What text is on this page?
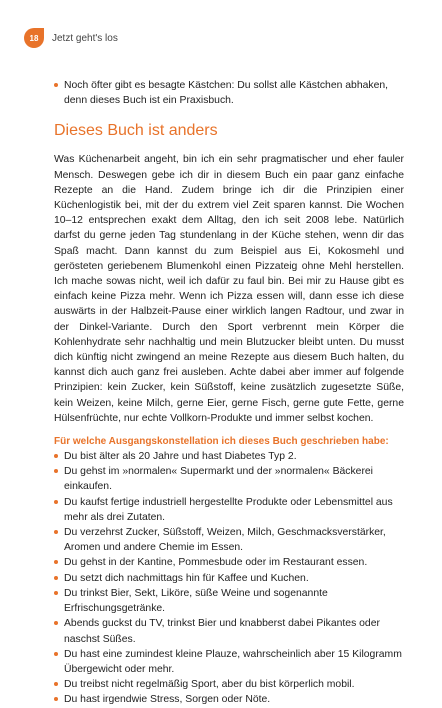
18	Jetzt geht's los
Noch öfter gibt es besagte Kästchen: Du sollst alle Kästchen abhaken, denn dieses Buch ist ein Praxisbuch.
Dieses Buch ist anders

Was Küchenarbeit angeht, bin ich ein sehr pragmatischer und eher fauler Mensch. Deswegen gebe ich dir in diesem Buch ein paar ganz einfache Rezepte an die Hand. Zudem bringe ich dir die Prinzipien einer Küchenlogistik bei, mit der du extrem viel Zeit sparen kannst. Die Wochen 10–12 entsprechen exakt dem Alltag, den ich seit 2008 lebe. Natürlich darfst du gerne jeden Tag stundenlang in der Küche stehen, wenn dir das Spaß macht. Dann kannst du zum Beispiel aus Ei, Kokosmehl und gerösteten geriebenem Blumenkohl einen Pizzateig ohne Mehl herstellen. Ich mache sowas nicht, weil ich dafür zu faul bin. Bei mir zu Hause gibt es einfach keine Pizza mehr. Wenn ich Pizza essen will, dann esse ich diese auswärts in der Halbzeit-Pause einer wirklich langen Radtour, und zwar in der Dinkel-Variante. Durch den Sport verbrennt mein Körper die Kohlenhydrate sehr nachhaltig und mein Blutzucker bleibt unten. Du musst dich künftig nicht zwingend an meine Rezepte aus diesem Buch halten, du kannst dich auch ganz frei ausleben. Achte dabei aber immer auf folgende Prinzipien: kein Zucker, kein Süßstoff, keine zusätzlich zugesetzte Süße, kein Weizen, keine Milch, gerne Eier, gerne Fisch, gerne gute Fette, gerne Hülsenfrüchte, nur echte Vollkorn-Produkte und immer selbst kochen.

Für welche Ausgangskonstellation ich dieses Buch geschrieben habe:
Du bist älter als 20 Jahre und hast Diabetes Typ 2.
Du gehst im »normalen« Supermarkt und der »normalen« Bäckerei einkaufen.
Du kaufst fertige industriell hergestellte Produkte oder Lebensmittel aus mehr als drei Zutaten.
Du verzehrst Zucker, Süßstoff, Weizen, Milch, Geschmacksverstärker, Aromen und andere Chemie im Essen.
Du gehst in der Kantine, Pommesbude oder im Restaurant essen.
Du setzt dich nachmittags hin für Kaffee und Kuchen.
Du trinkst Bier, Sekt, Liköre, süße Weine und sogenannte Erfrischungsgetränke.
Abends guckst du TV, trinkst Bier und knabberst dabei Pikantes oder naschst Süßes.
Du hast eine zumindest kleine Plauze, wahrscheinlich aber 15 Kilogramm Übergewicht oder mehr.
Du treibst nicht regelmäßig Sport, aber du bist körperlich mobil.
Du hast irgendwie Stress, Sorgen oder Nöte.
